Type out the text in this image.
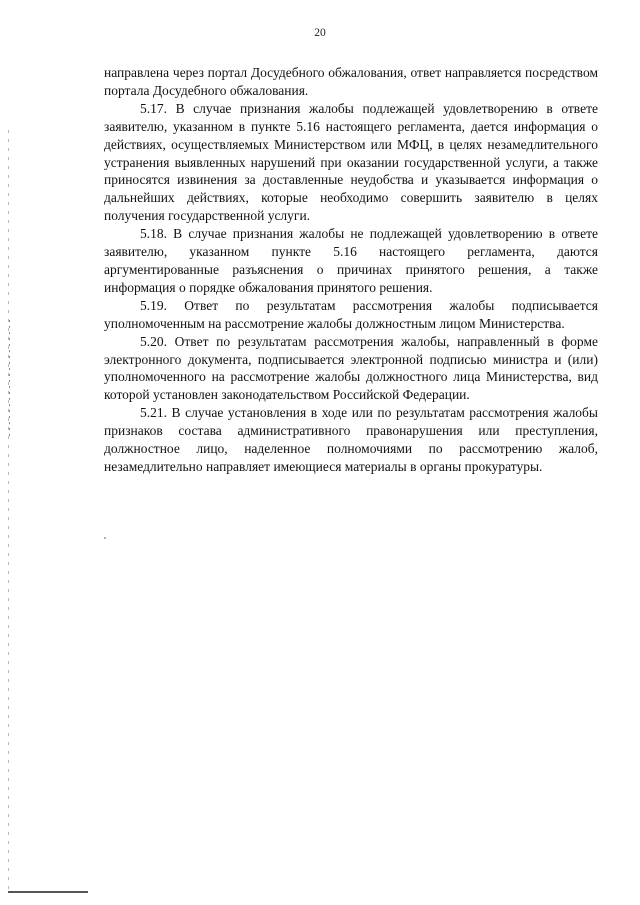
20

направлена через портал Досудебного обжалования, ответ направляется посредством портала Досудебного обжалования.

5.17. В случае признания жалобы подлежащей удовлетворению в ответе заявителю, указанном в пункте 5.16 настоящего регламента, дается информация о действиях, осуществляемых Министерством или МФЦ, в целях незамедлительного устранения выявленных нарушений при оказании государственной услуги, а также приносятся извинения за доставленные неудобства и указывается информация о дальнейших действиях, которые необходимо совершить заявителю в целях получения государственной услуги.

5.18. В случае признания жалобы не подлежащей удовлетворению в ответе заявителю, указанном пункте 5.16 настоящего регламента, даются аргументированные разъяснения о причинах принятого решения, а также информация о порядке обжалования принятого решения.

5.19. Ответ по результатам рассмотрения жалобы подписывается уполномоченным на рассмотрение жалобы должностным лицом Министерства.

5.20. Ответ по результатам рассмотрения жалобы, направленный в форме электронного документа, подписывается электронной подписью министра и (или) уполномоченного на рассмотрение жалобы должностного лица Министерства, вид которой установлен законодательством Российской Федерации.

5.21. В случае установления в ходе или по результатам рассмотрения жалобы признаков состава административного правонарушения или преступления, должностное лицо, наделенное полномочиями по рассмотрению жалоб, незамедлительно направляет имеющиеся материалы в органы прокуратуры.
